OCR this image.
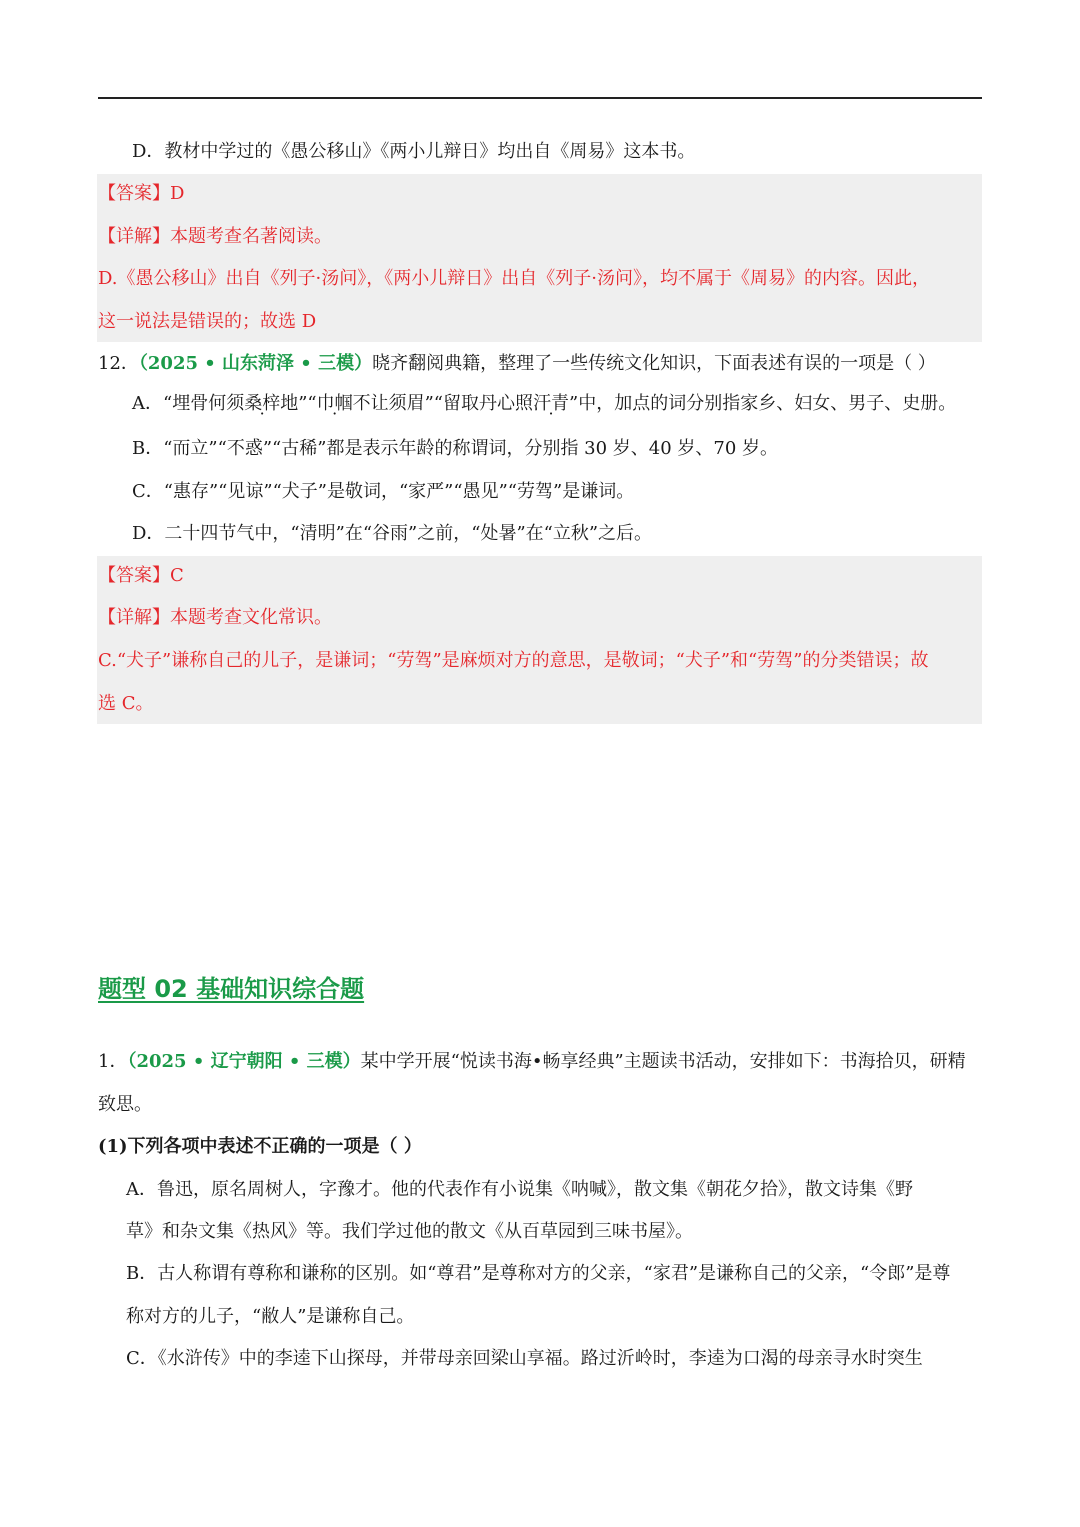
D．教材中学过的《愚公移山》《两小儿辩日》均出自《周易》这本书。
【答案】D
【详解】本题考查名著阅读。
D.《愚公移山》出自《列子·汤问》，《两小儿辩日》出自《列子·汤问》，均不属于《周易》的内容。因此，
这一说法是错误的；故选 D
12．（2025 • 山东菏泽 • 三模）晓齐翻阅典籍，整理了一些传统文化知识，下面表述有误的一项是（ ）
A．“埋骨何须桑梓地”“巾帼不让须眉”“留取丹心照汗青”中，加点的词分别指家乡、妇女、男子、史册。
B．“而立”“不惑”“古稀”都是表示年龄的称谓词，分别指 30 岁、40 岁、70 岁。
C．“惠存”“见谅”“犬子”是敬词，“家严”“愚见”“劳驾”是谦词。
D．二十四节气中，“清明”在“谷雨”之前，“处暑”在“立秋”之后。
【答案】C
【详解】本题考查文化常识。
C.“犬子”谦称自己的儿子，是谦词；“劳驾”是麻烦对方的意思，是敬词；“犬子”和“劳驾”的分类错误；故
选 C。
题型 02 基础知识综合题
1．（2025 • 辽宁朝阳 • 三模）某中学开展“悦读书海•畅享经典”主题读书活动，安排如下：书海拾贝，研精
致思。
(1)下列各项中表述不正确的一项是（ ）
A．鲁迅，原名周树人，字豫才。他的代表作有小说集《呐喊》，散文集《朝花夕拾》，散文诗集《野
草》和杂文集《热风》等。我们学过他的散文《从百草园到三味书屋》。
B．古人称谓有尊称和谦称的区别。如“尊君”是尊称对方的父亲，“家君”是谦称自己的父亲，“令郎”是尊
称对方的儿子，“敝人”是谦称自己。
C．《水浒传》中的李逵下山探母，并带母亲回梁山享福。路过沂岭时，李逵为口渴的母亲寻水时突生
